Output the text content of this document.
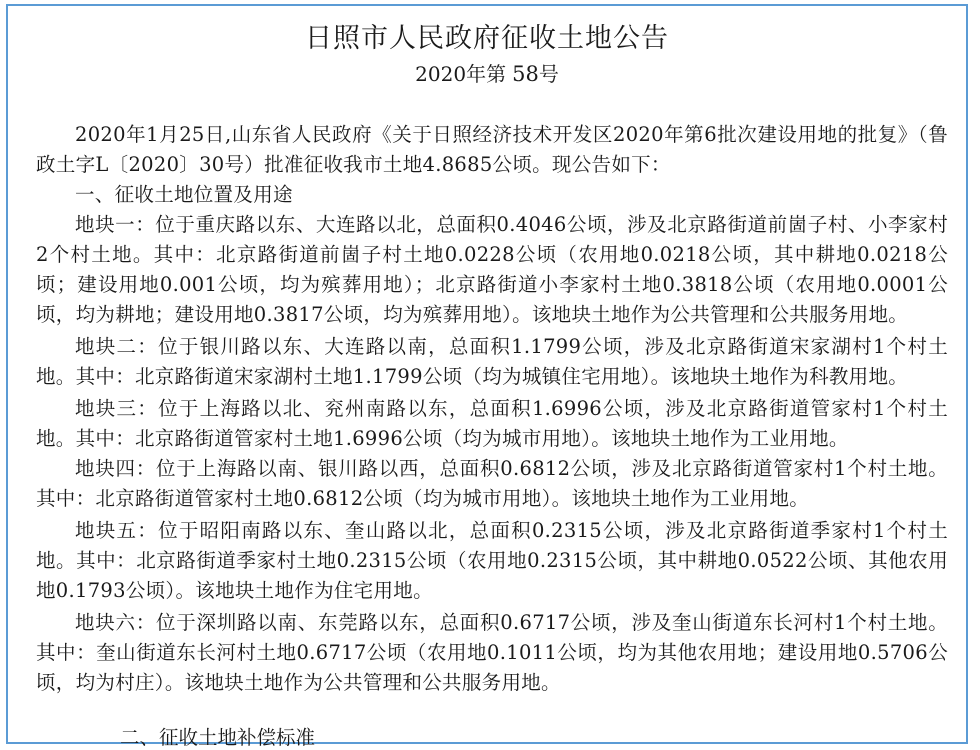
日照市人民政府征收土地公告
2020年第 58号

2020年1月25日,山东省人民政府《关于日照经济技术开发区2020年第6批次建设用地的批复》（鲁政土字L〔2020〕30号）批准征收我市土地4.8685公顷。现公告如下：

一、征收土地位置及用途

地块一：位于重庆路以东、大连路以北，总面积0.4046公顷，涉及北京路街道前崮子村、小李家村2个村土地。其中：北京路街道前崮子村土地0.0228公顷（农用地0.0218公顷，其中耕地0.0218公顷；建设用地0.001公顷，均为殡葬用地）；北京路街道小李家村土地0.3818公顷（农用地0.0001公顷，均为耕地；建设用地0.3817公顷，均为殡葬用地）。该地块土地作为公共管理和公共服务用地。

地块二：位于银川路以东、大连路以南，总面积1.1799公顷，涉及北京路街道宋家湖村1个村土地。其中：北京路街道宋家湖村土地1.1799公顷（均为城镇住宅用地）。该地块土地作为科教用地。

地块三：位于上海路以北、兖州南路以东，总面积1.6996公顷，涉及北京路街道管家村1个村土地。其中：北京路街道管家村土地1.6996公顷（均为城市用地）。该地块土地作为工业用地。

地块四：位于上海路以南、银川路以西，总面积0.6812公顷，涉及北京路街道管家村1个村土地。其中：北京路街道管家村土地0.6812公顷（均为城市用地）。该地块土地作为工业用地。

地块五：位于昭阳南路以东、奎山路以北，总面积0.2315公顷，涉及北京路街道季家村1个村土地。其中：北京路街道季家村土地0.2315公顷（农用地0.2315公顷，其中耕地0.0522公顷、其他农用地0.1793公顷）。该地块土地作为住宅用地。

地块六：位于深圳路以南、东莞路以东，总面积0.6717公顷，涉及奎山街道东长河村1个村土地。其中：奎山街道东长河村土地0.6717公顷（农用地0.1011公顷，均为其他农用地；建设用地0.5706公顷，均为村庄）。该地块土地作为公共管理和公共服务用地。

二、征收土地补偿标准
